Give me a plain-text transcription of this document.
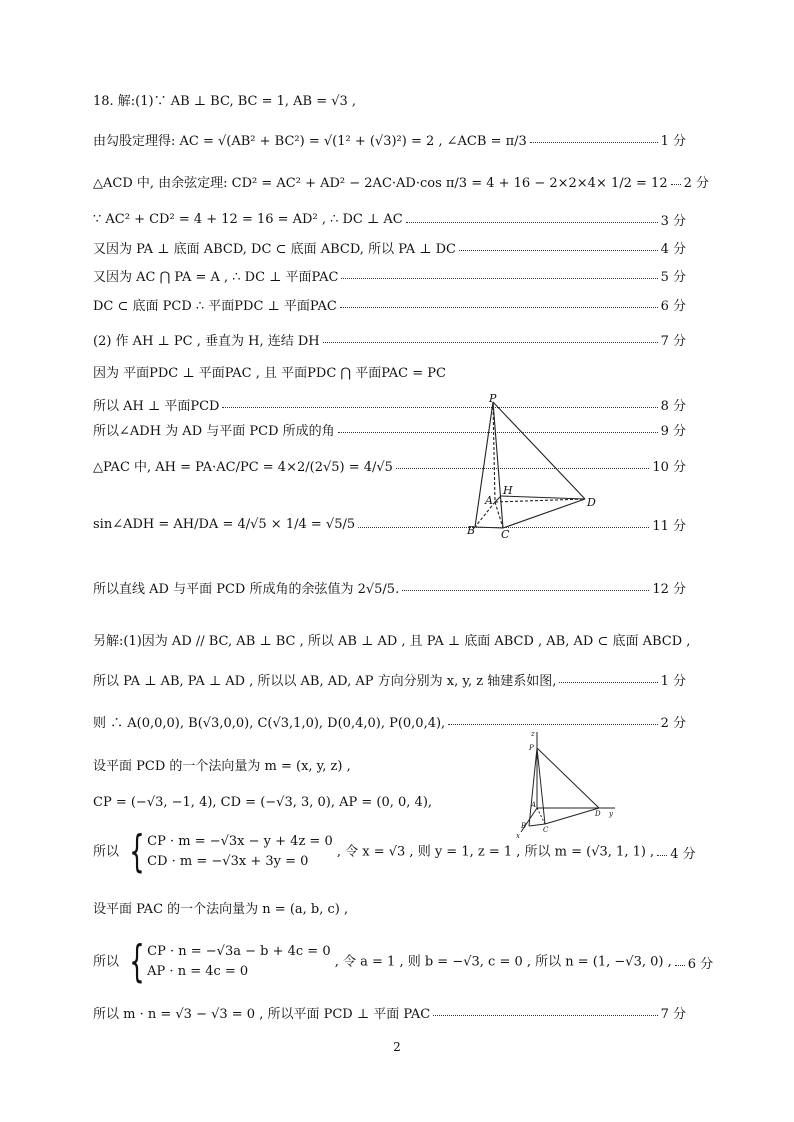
18. 解:(1)∵ AB ⊥ BC, BC = 1, AB = √3 ,
由勾股定理得: AC = √(AB² + BC²) = √(1² + (√3)²) = 2 , ∠ACB = π/3	1 分
△ACD 中, 由余弦定理: CD² = AC² + AD² − 2AC·AD·cos π/3 = 4 + 16 − 2×2×4× 1/2 = 12 2 分
∵ AC² + CD² = 4 + 12 = 16 = AD² , ∴ DC ⊥ AC	3 分
又因为 PA ⊥ 底面 ABCD, DC ⊂ 底面 ABCD, 所以 PA ⊥ DC	4 分
又因为 AC ⋂ PA = A , ∴ DC ⊥ 平面PAC	5 分
DC ⊂ 底面 PCD ∴ 平面PDC ⊥ 平面PAC	6 分
(2) 作 AH ⊥ PC , 垂直为 H, 连结 DH	7 分
因为 平面PDC ⊥ 平面PAC , 且 平面PDC ⋂ 平面PAC = PC
所以 AH ⊥ 平面PCD	8 分
所以∠ADH 为 AD 与平面 PCD 所成的角	9 分
△PAC 中, AH = PA·AC/PC = 4×2/(2√5) = 4/√5	10 分
sin∠ADH = AH/DA = 4/√5 × 1/4 = √5/5	11 分
P
A
H
D
B C
所以直线 AD 与平面 PCD 所成角的余弦值为 2√5/5.	12 分
另解:(1)因为 AD // BC, AB ⊥ BC , 所以 AB ⊥ AD , 且 PA ⊥ 底面 ABCD , AB, AD ⊂ 底面 ABCD ,
所以 PA ⊥ AB, PA ⊥ AD , 所以以 AB, AD, AP 方向分别为 x, y, z 轴建系如图,	1 分
则 ∴ A(0,0,0), B(√3,0,0), C(√3,1,0), D(0,4,0), P(0,0,4),	2 分
设平面 PCD 的一个法向量为 m = (x, y, z) ,
CP = (−√3, −1, 4), CD = (−√3, 3, 0), AP = (0, 0, 4),
所以 { CP · m = −√3x − y + 4z = 0
CD · m = −√3x + 3y = 0
, 令 x = √3 , 则 y = 1, z = 1 , 所以 m = (√3, 1, 1) , 4 分
z
P
A
D y
B C
x
设平面 PAC 的一个法向量为 n = (a, b, c) ,
所以 { CP · n = −√3a − b + 4c = 0
AP · n = 4c = 0
, 令 a = 1 , 则 b = −√3, c = 0 , 所以 n = (1, −√3, 0) , 6 分
所以 m · n = √3 − √3 = 0 , 所以平面 PCD ⊥ 平面 PAC	7 分
2
